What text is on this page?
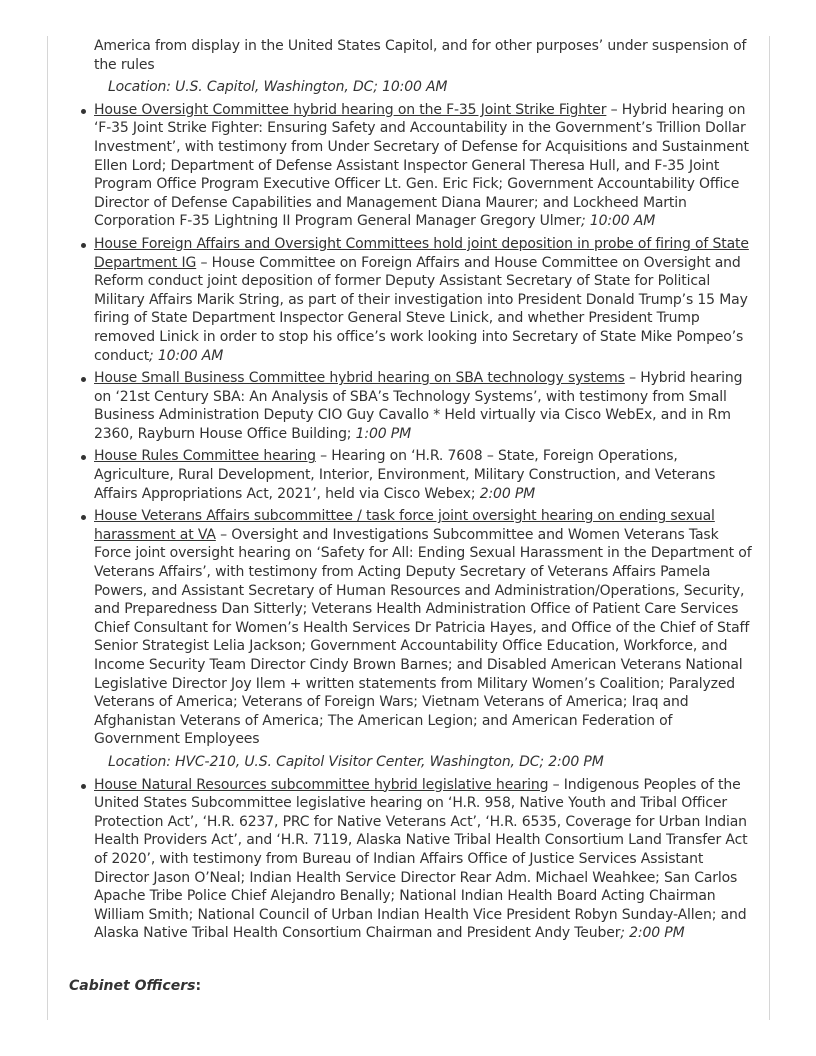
America from display in the United States Capitol, and for other purposes’ under suspension of the rules

Location: U.S. Capitol, Washington, DC; 10:00 AM

House Oversight Committee hybrid hearing on the F-35 Joint Strike Fighter – Hybrid hearing on ‘F-35 Joint Strike Fighter: Ensuring Safety and Accountability in the Government’s Trillion Dollar Investment’, with testimony from Under Secretary of Defense for Acquisitions and Sustainment Ellen Lord; Department of Defense Assistant Inspector General Theresa Hull, and F-35 Joint Program Office Program Executive Officer Lt. Gen. Eric Fick; Government Accountability Office Director of Defense Capabilities and Management Diana Maurer; and Lockheed Martin Corporation F-35 Lightning II Program General Manager Gregory Ulmer; 10:00 AM
House Foreign Affairs and Oversight Committees hold joint deposition in probe of firing of State Department IG – House Committee on Foreign Affairs and House Committee on Oversight and Reform conduct joint deposition of former Deputy Assistant Secretary of State for Political Military Affairs Marik String, as part of their investigation into President Donald Trump’s 15 May firing of State Department Inspector General Steve Linick, and whether President Trump removed Linick in order to stop his office’s work looking into Secretary of State Mike Pompeo’s conduct; 10:00 AM
House Small Business Committee hybrid hearing on SBA technology systems – Hybrid hearing on ‘21st Century SBA: An Analysis of SBA’s Technology Systems’, with testimony from Small Business Administration Deputy CIO Guy Cavallo * Held virtually via Cisco WebEx, and in Rm 2360, Rayburn House Office Building; 1:00 PM
House Rules Committee hearing – Hearing on ‘H.R. 7608 – State, Foreign Operations, Agriculture, Rural Development, Interior, Environment, Military Construction, and Veterans Affairs Appropriations Act, 2021’, held via Cisco Webex; 2:00 PM
House Veterans Affairs subcommittee / task force joint oversight hearing on ending sexual harassment at VA – Oversight and Investigations Subcommittee and Women Veterans Task Force joint oversight hearing on ‘Safety for All: Ending Sexual Harassment in the Department of Veterans Affairs’, with testimony from Acting Deputy Secretary of Veterans Affairs Pamela Powers, and Assistant Secretary of Human Resources and Administration/Operations, Security, and Preparedness Dan Sitterly; Veterans Health Administration Office of Patient Care Services Chief Consultant for Women’s Health Services Dr Patricia Hayes, and Office of the Chief of Staff Senior Strategist Lelia Jackson; Government Accountability Office Education, Workforce, and Income Security Team Director Cindy Brown Barnes; and Disabled American Veterans National Legislative Director Joy Ilem + written statements from Military Women’s Coalition; Paralyzed Veterans of America; Veterans of Foreign Wars; Vietnam Veterans of America; Iraq and Afghanistan Veterans of America; The American Legion; and American Federation of Government Employees

Location: HVC-210, U.S. Capitol Visitor Center, Washington, DC; 2:00 PM

House Natural Resources subcommittee hybrid legislative hearing – Indigenous Peoples of the United States Subcommittee legislative hearing on ‘H.R. 958, Native Youth and Tribal Officer Protection Act’, ‘H.R. 6237, PRC for Native Veterans Act’, ‘H.R. 6535, Coverage for Urban Indian Health Providers Act’, and ‘H.R. 7119, Alaska Native Tribal Health Consortium Land Transfer Act of 2020’, with testimony from Bureau of Indian Affairs Office of Justice Services Assistant Director Jason O’Neal; Indian Health Service Director Rear Adm. Michael Weahkee; San Carlos Apache Tribe Police Chief Alejandro Benally; National Indian Health Board Acting Chairman William Smith; National Council of Urban Indian Health Vice President Robyn Sunday-Allen; and Alaska Native Tribal Health Consortium Chairman and President Andy Teuber; 2:00 PM
Cabinet Officers:
